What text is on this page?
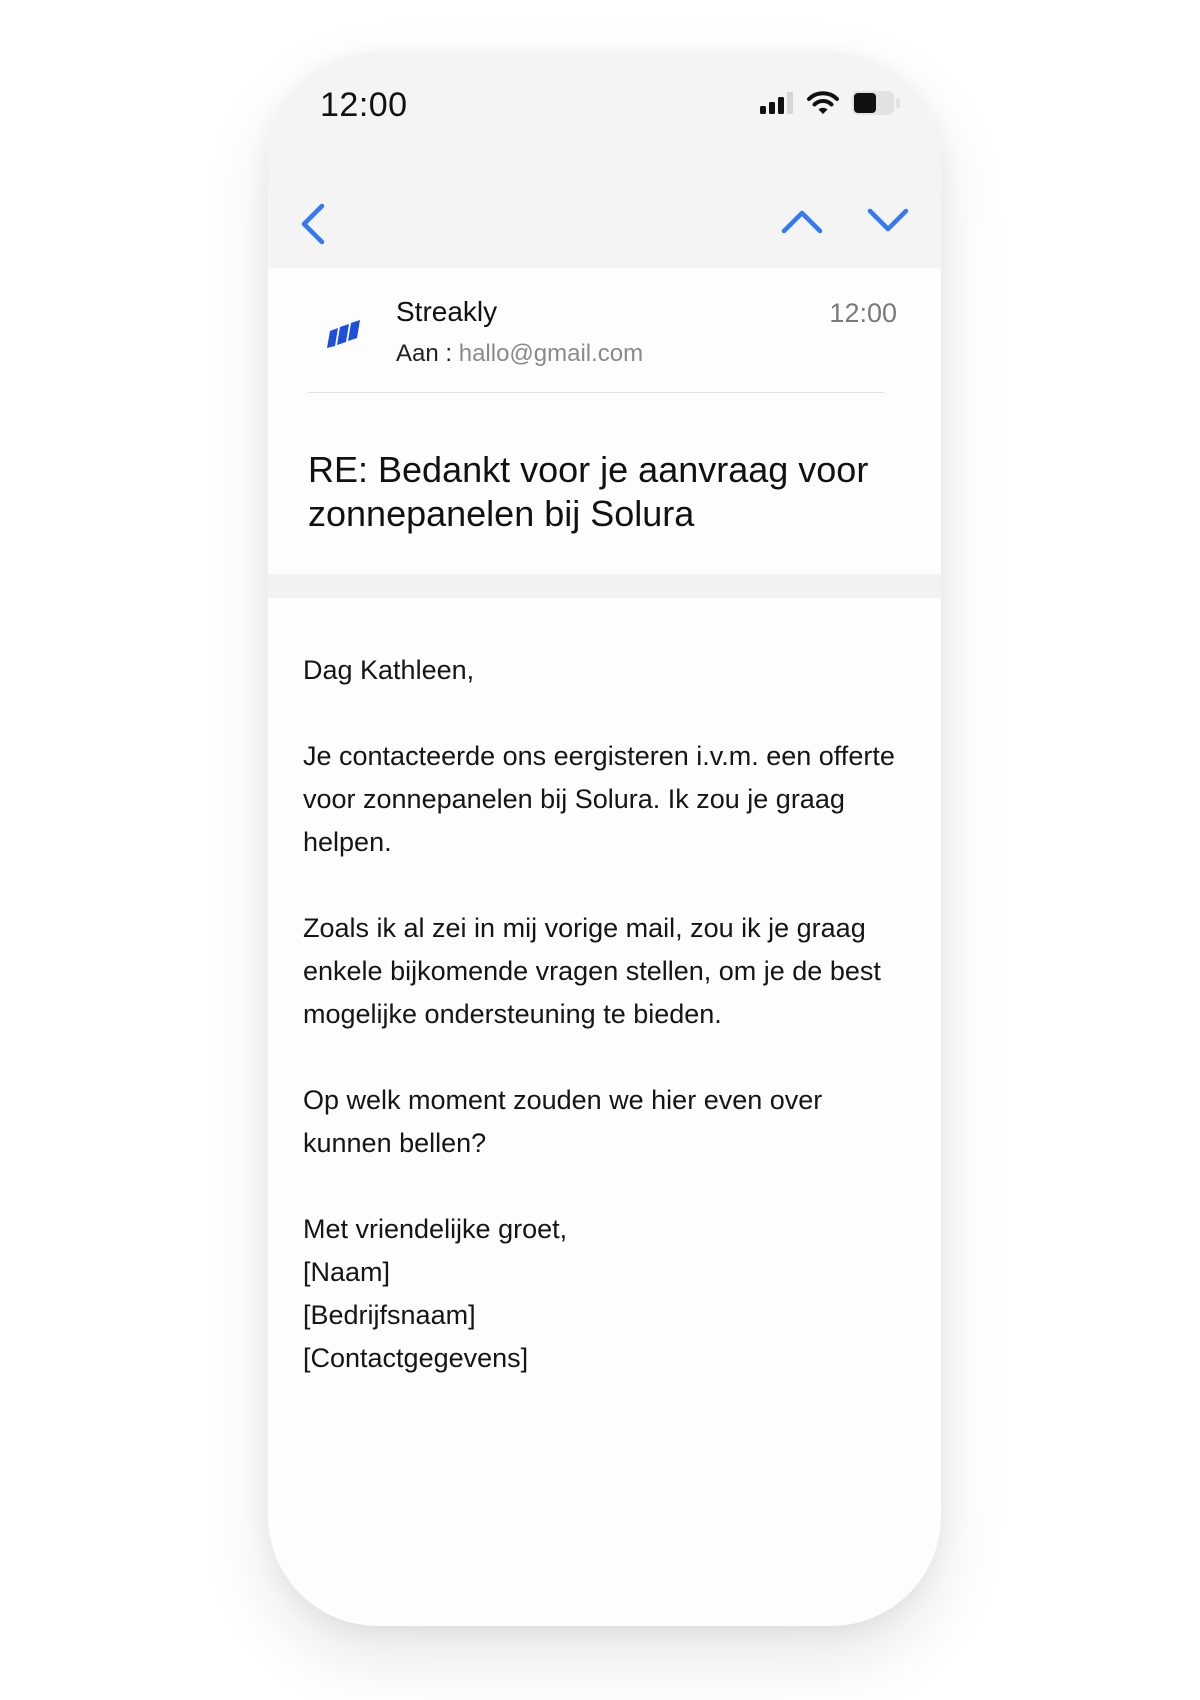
12:00
Streakly
Aan : hallo@gmail.com
12:00
RE: Bedankt voor je aanvraag voor zonnepanelen bij Solura

Dag Kathleen,

Je contacteerde ons eergisteren i.v.m. een offerte voor zonnepanelen bij Solura. Ik zou je graag helpen.

Zoals ik al zei in mij vorige mail, zou ik je graag enkele bijkomende vragen stellen, om je de best mogelijke ondersteuning te bieden.

Op welk moment zouden we hier even over kunnen bellen?

Met vriendelijke groet,

[Naam]

[Bedrijfsnaam]

[Contactgegevens]
